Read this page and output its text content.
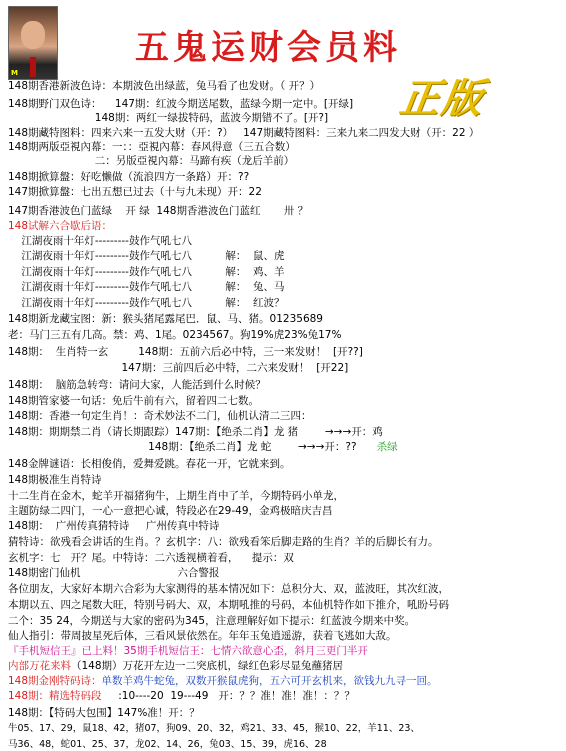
M
五鬼运财会员料
正版
148期香港新波色诗：本期波色出绿蓝，兔马看了也发财。（ 开？）
148期野门双色诗：    147期：红波今期送尾数，蓝绿今期一定中。[开绿]
148期：两红一绿拔特码，蓝波今期错不了。[开?]
148期藏特图料：四来六来一五发大财（开：?）   147期藏特图料：三来九来二四发大财（开：22 ）
148期两版亞視內幕：一：：亞視內幕：春风得意（三五合数）
二：另版亞視內幕：马蹄有疾（龙后羊前）
148期掀算盤：好吃懒做（流浪四方一条路）开：??
147期掀算盤：七出五想已过去（十与九未现）开：22
147期香港波色门蓝绿    开 绿  148期香港波色门蓝红       卅 ？
148试解六合歇后语：
江湖夜雨十年灯---------鼓作气吼七八
江湖夜雨十年灯---------鼓作气吼七八          解：  鼠、虎
江湖夜雨十年灯---------鼓作气吼七八          解：  鸡、羊
江湖夜雨十年灯---------鼓作气吼七八          解：  兔、马
江湖夜雨十年灯---------鼓作气吼七八          解：  红波？
148期新龙藏宝图：新：猴头猪尾露尾巴．鼠、马、猪。01235689
老：马门三五有几高。禁：鸡、1尾。0234567。狗19%虎23%兔17%
148期：  生肖特一玄         148期：五前六后必中特，三一来发财！  [开??]
147期：三前四后必中特，二六来发财！  [开22]
148期：  脑筋急转弯：请问大家，人能活到什么时候？
148期管家婆一句话：免后牛前有六，留着四二七数。
148期：香港一句定生肖！：奇术妙法不二门，仙机认清二三四：
148期：期期禁二肖（请长期跟踪）147期：【绝杀二肖】龙 猪        →→→开：鸡
148期：【绝杀二肖】龙 蛇        →→→开：??      杀绿
148金牌谜语：长相俊俏，爱舞爱跳。春花一开，它就来到。
148期极准生肖特诗
十二生肖在金木，蛇羊开福猪狗牛，上期生肖中了羊，今期特码小单龙，
主题防绿二四门，一心一意把心诚，特段必在29-49，金鸡极暗庆吉昌
148期：  广州传真猜特诗     广州传真中特诗
猜特诗：欲残看会讲话的生肖。？玄机字：八：欲残看笨后脚走路的生肖？羊的后脚长有力。
玄机字：七   开？尾。中特诗：二六透视横着看，    提示：双
148期密门仙机                             六合警报
各位朋友，大家好本期六合彩为大家测得的基本情况如下：总积分大、双，蓝波旺，其次红波，
本期以五、四之尾数大旺，特别号码大、双，本期吼推的号码，本仙机特作如下推介，吼盼号码
二个：35 24，今期送与大家的密码为345，注意理解好如下提示：红蓝波今期来中奖。
仙人指引：带周披星死后体，三看风景依然在。年年玉兔逍遥游，获着飞逃如大敌。
『手机短信王』已上料！35期手机短信王：七情六欲意心歪，斜月三更门半开
内部万花来料（148期）万花开左边一二突底机，绿红色彩尽显兔蘸猪居
148期金刚特码诗：单数羊鸡牛蛇兔，双数开猴鼠虎狗，五六可开玄机来，欲钱九九寻一回。
148期：精选特码段     :10----20  19---49   开：？？准！准！准！：？？
148期：【特码大包围】147%准！开：？
牛05、17、29，鼠18、42，猪07，狗09、20、32，鸡21、33、45，猴10、22，羊11、23、
马36、48，蛇01、25、37，龙02、14、26，兔03、15、39，虎16、28
